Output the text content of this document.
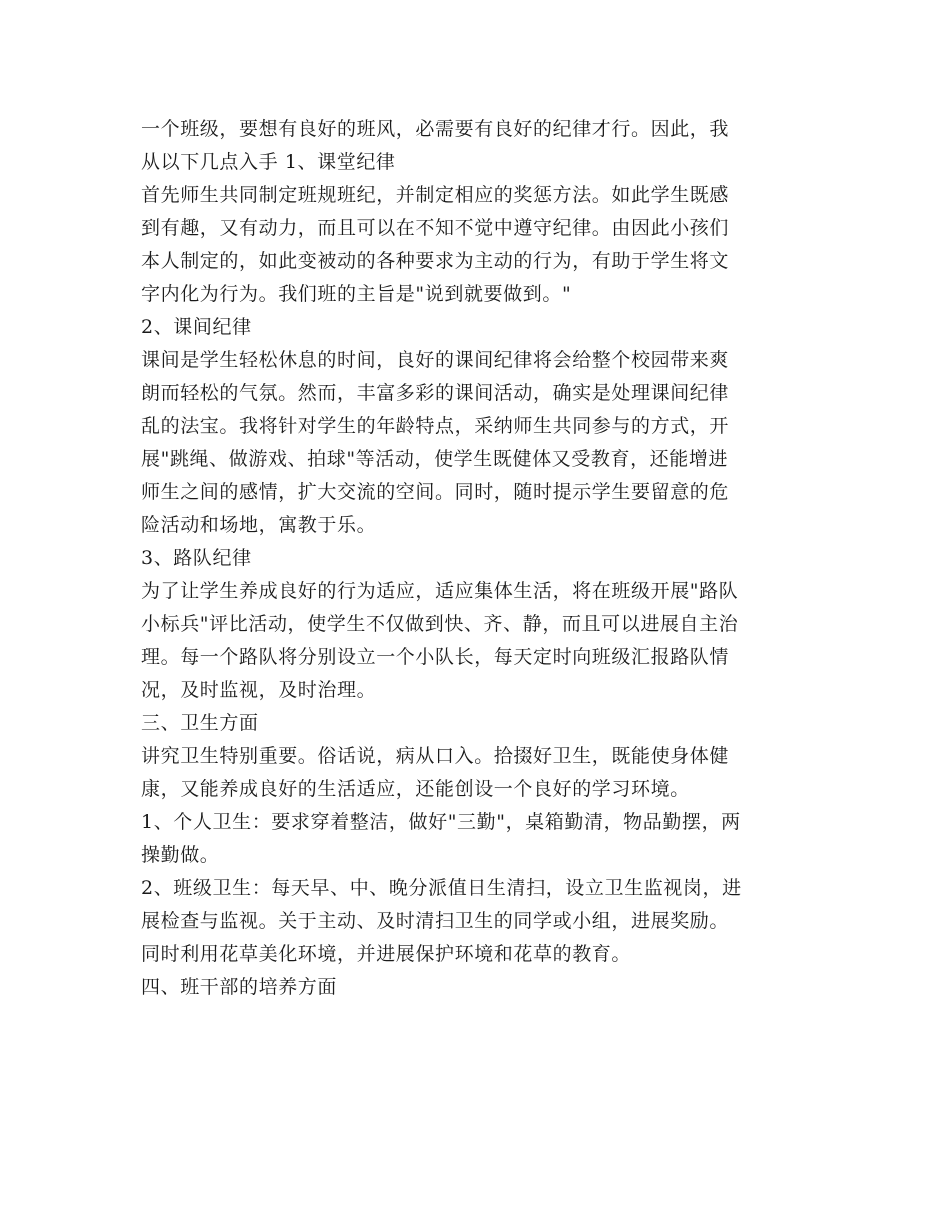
一个班级，要想有良好的班风，必需要有良好的纪律才行。因此，我
从以下几点入手 1、课堂纪律
首先师生共同制定班规班纪，并制定相应的奖惩方法。如此学生既感
到有趣，又有动力，而且可以在不知不觉中遵守纪律。由因此小孩们
本人制定的，如此变被动的各种要求为主动的行为，有助于学生将文
字内化为行为。我们班的主旨是"说到就要做到。"
2、课间纪律
课间是学生轻松休息的时间，良好的课间纪律将会给整个校园带来爽
朗而轻松的气氛。然而，丰富多彩的课间活动，确实是处理课间纪律
乱的法宝。我将针对学生的年龄特点，采纳师生共同参与的方式，开
展"跳绳、做游戏、拍球"等活动，使学生既健体又受教育，还能增进
师生之间的感情，扩大交流的空间。同时，随时提示学生要留意的危
险活动和场地，寓教于乐。
3、路队纪律
为了让学生养成良好的行为适应，适应集体生活，将在班级开展"路队
小标兵"评比活动，使学生不仅做到快、齐、静，而且可以进展自主治
理。每一个路队将分别设立一个小队长，每天定时向班级汇报路队情
况，及时监视，及时治理。
三、卫生方面
讲究卫生特别重要。俗话说，病从口入。拾掇好卫生，既能使身体健
康，又能养成良好的生活适应，还能创设一个良好的学习环境。
1、个人卫生：要求穿着整洁，做好"三勤"，桌箱勤清，物品勤摆，两
操勤做。
2、班级卫生：每天早、中、晚分派值日生清扫，设立卫生监视岗，进
展检查与监视。关于主动、及时清扫卫生的同学或小组，进展奖励。
同时利用花草美化环境，并进展保护环境和花草的教育。
四、班干部的培养方面
